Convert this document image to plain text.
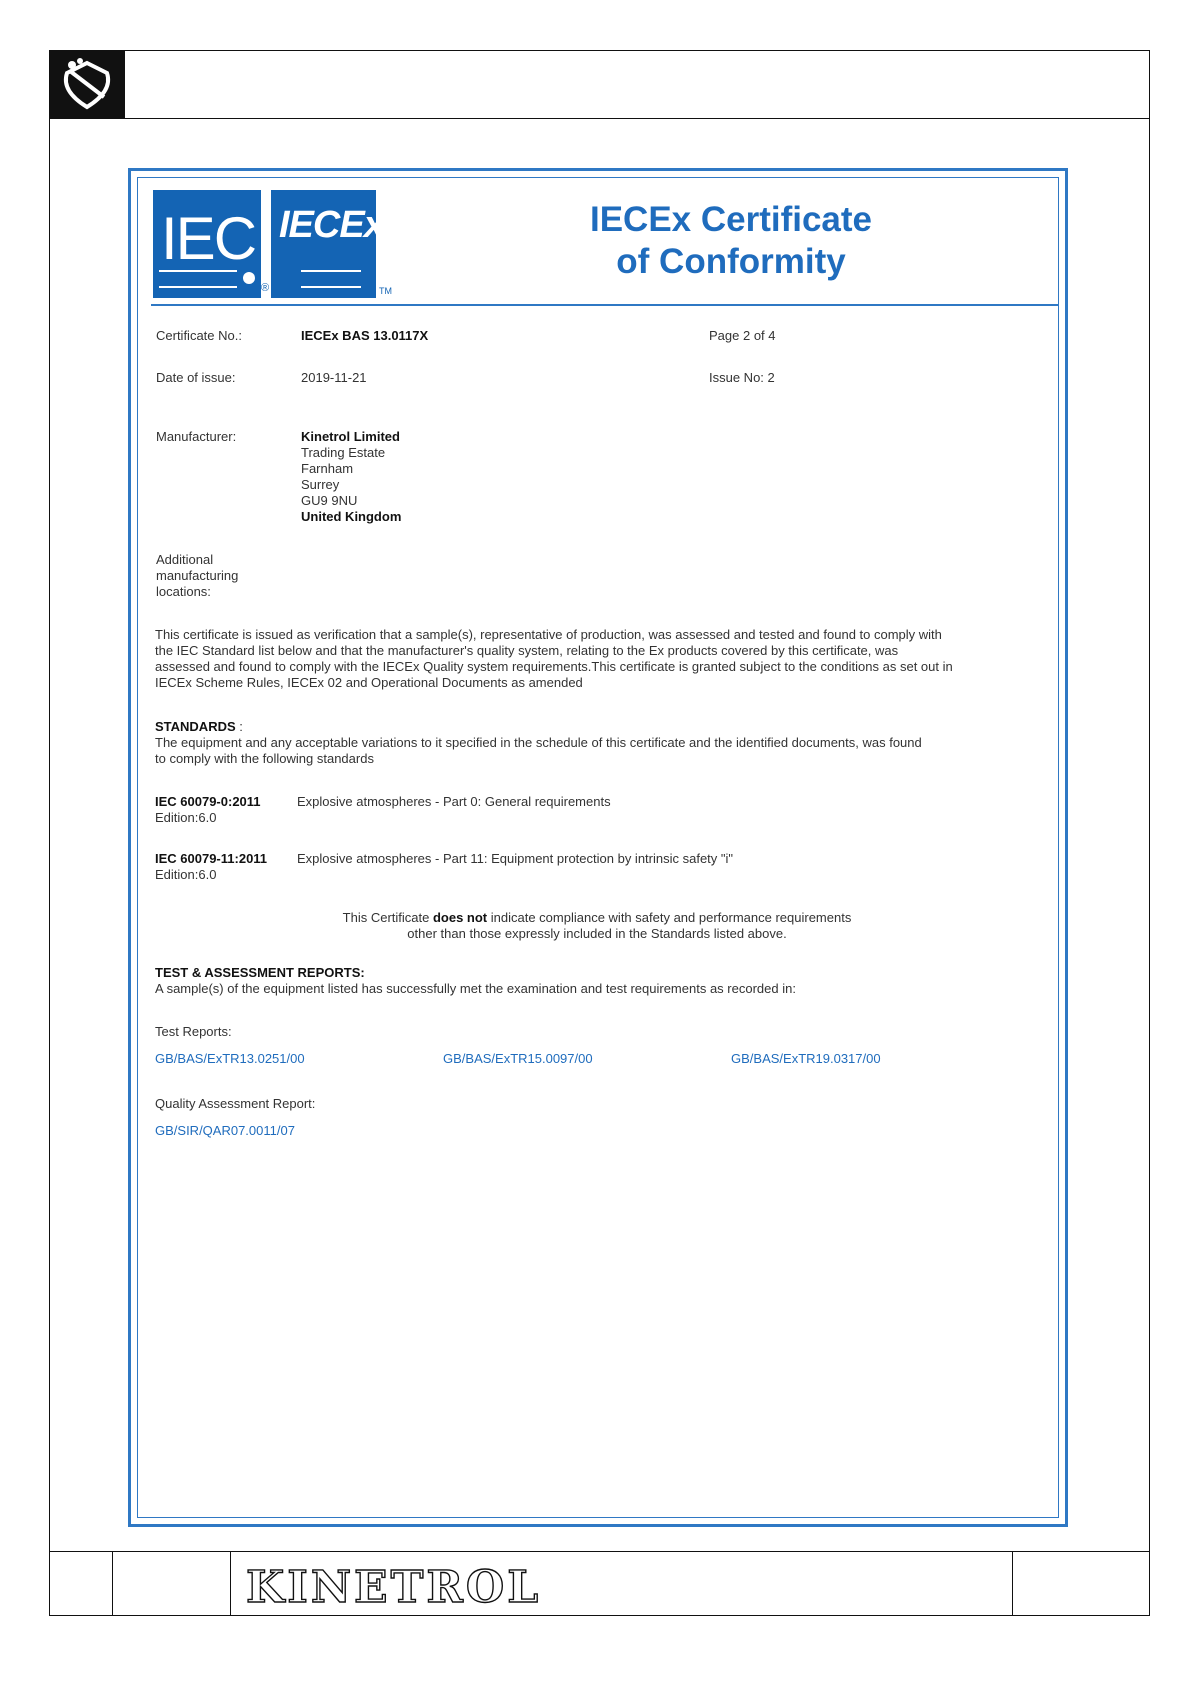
KINETROL
IEC
®
IECEx
TM
IECEx Certificate
of Conformity
Certificate No.:	IECEx BAS 13.0117X	Page 2 of 4
Date of issue:	2019-11-21	Issue No: 2
Manufacturer:	Kinetrol Limited
Trading Estate
Farnham
Surrey
GU9 9NU
United Kingdom
Additional
manufacturing
locations:
This certificate is issued as verification that a sample(s), representative of production, was assessed and tested and found to comply with
the IEC Standard list below and that the manufacturer's quality system, relating to the Ex products covered by this certificate, was
assessed and found to comply with the IECEx Quality system requirements.This certificate is granted subject to the conditions as set out in
IECEx Scheme Rules, IECEx 02 and Operational Documents as amended
STANDARDS :
The equipment and any acceptable variations to it specified in the schedule of this certificate and the identified documents, was found
to comply with the following standards
IEC 60079-0:2011
Edition:6.0
Explosive atmospheres - Part 0: General requirements
IEC 60079-11:2011
Edition:6.0
Explosive atmospheres - Part 11: Equipment protection by intrinsic safety "i"
This Certificate does not indicate compliance with safety and performance requirements
other than those expressly included in the Standards listed above.
TEST & ASSESSMENT REPORTS:
A sample(s) of the equipment listed has successfully met the examination and test requirements as recorded in:
Test Reports:
GB/BAS/ExTR13.0251/00	GB/BAS/ExTR15.0097/00	GB/BAS/ExTR19.0317/00
Quality Assessment Report:
GB/SIR/QAR07.0011/07
